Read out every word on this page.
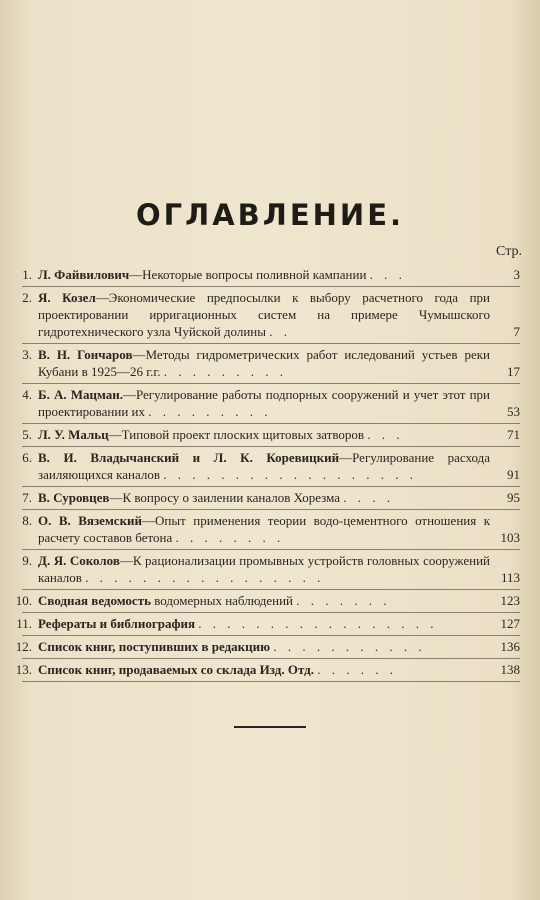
ОГЛАВЛЕНИЕ.
Стр.
1. Л. Файвилович—Некоторые вопросы поливной кампании . . .	3
2. Я. Козел—Экономические предпосылки к выбору расчетного года при проектировании ирригационных систем на примере Чумышского гидротехнического узла Чуйской долины . .	7
3. В. Н. Гончаров—Методы гидрометрических работ иследований устьев реки Кубани в 1925—26 г.г. . . . . . . . . .	17
4. Б. А. Мацман.—Регулирование работы подпорных сооружений и учет этот при проектировании их . . . . . . . . .	53
5. Л. У. Мальц—Типовой проект плоских щитовых затворов . . .	71
6. В. И. Владычанский и Л. К. Коревицкий—Регулирование расхода заиляющихся каналов . . . . . . . . . . . . . . . . . .	91
7. В. Суровцев—К вопросу о заилении каналов Хорезма . . . .	95
8. О. В. Вяземский—Опыт применения теории водо-цементного отношения к расчету составов бетона . . . . . . . .	103
9. Д. Я. Соколов—К рационализации промывных устройств головных сооружений каналов . . . . . . . . . . . . . . . . .	113
10. Сводная ведомость водомерных наблюдений . . . . . . .	123
11. Рефераты и библиография . . . . . . . . . . . . . . . . .	127
12. Список книг, поступивших в редакцию . . . . . . . . . . .	136
13. Список книг, продаваемых со склада Изд. Отд. . . . . . .	138
